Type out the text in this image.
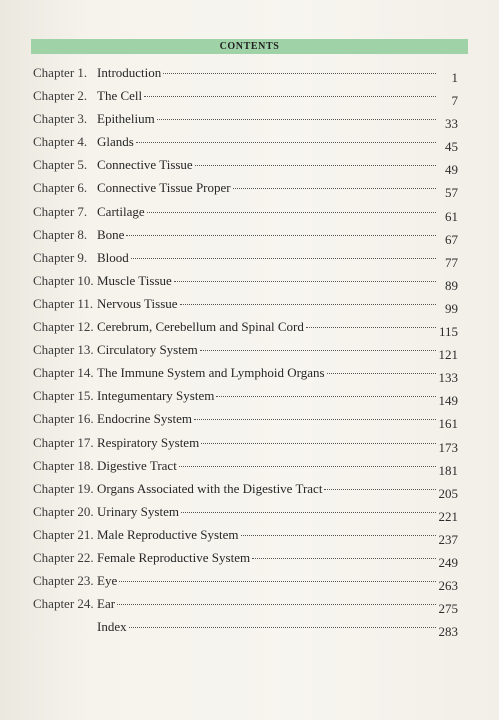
CONTENTS
Chapter 1. Introduction	1
Chapter 2. The Cell	7
Chapter 3. Epithelium	33
Chapter 4. Glands	45
Chapter 5. Connective Tissue	49
Chapter 6. Connective Tissue Proper	57
Chapter 7. Cartilage	61
Chapter 8. Bone	67
Chapter 9. Blood	77
Chapter 10. Muscle Tissue	89
Chapter 11. Nervous Tissue	99
Chapter 12. Cerebrum, Cerebellum and Spinal Cord	115
Chapter 13. Circulatory System	121
Chapter 14. The Immune System and Lymphoid Organs	133
Chapter 15. Integumentary System	149
Chapter 16. Endocrine System	161
Chapter 17. Respiratory System	173
Chapter 18. Digestive Tract	181
Chapter 19. Organs Associated with the Digestive Tract	205
Chapter 20. Urinary System	221
Chapter 21. Male Reproductive System	237
Chapter 22. Female Reproductive System	249
Chapter 23. Eye	263
Chapter 24. Ear	275
Index	283
